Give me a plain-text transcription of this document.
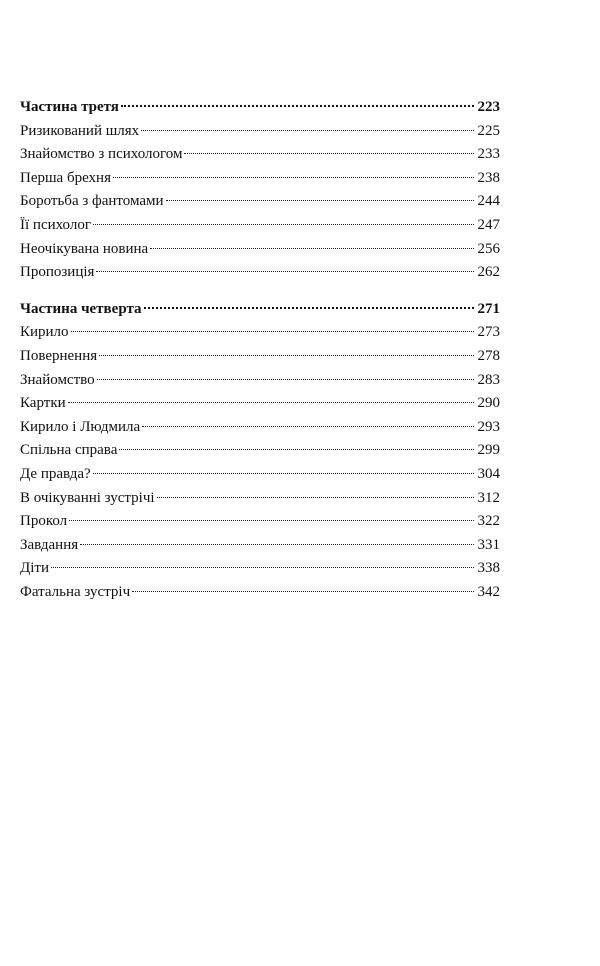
Частина третя	223
Ризикований шлях	225
Знайомство з психологом	233
Перша брехня	238
Боротьба з фантомами	244
Її психолог	247
Неочікувана новина	256
Пропозиція	262
Частина четверта	271
Кирило	273
Повернення	278
Знайомство	283
Картки	290
Кирило і Людмила	293
Спільна справа	299
Де правда?	304
В очікуванні зустрічі	312
Прокол	322
Завдання	331
Діти	338
Фатальна зустріч	342
